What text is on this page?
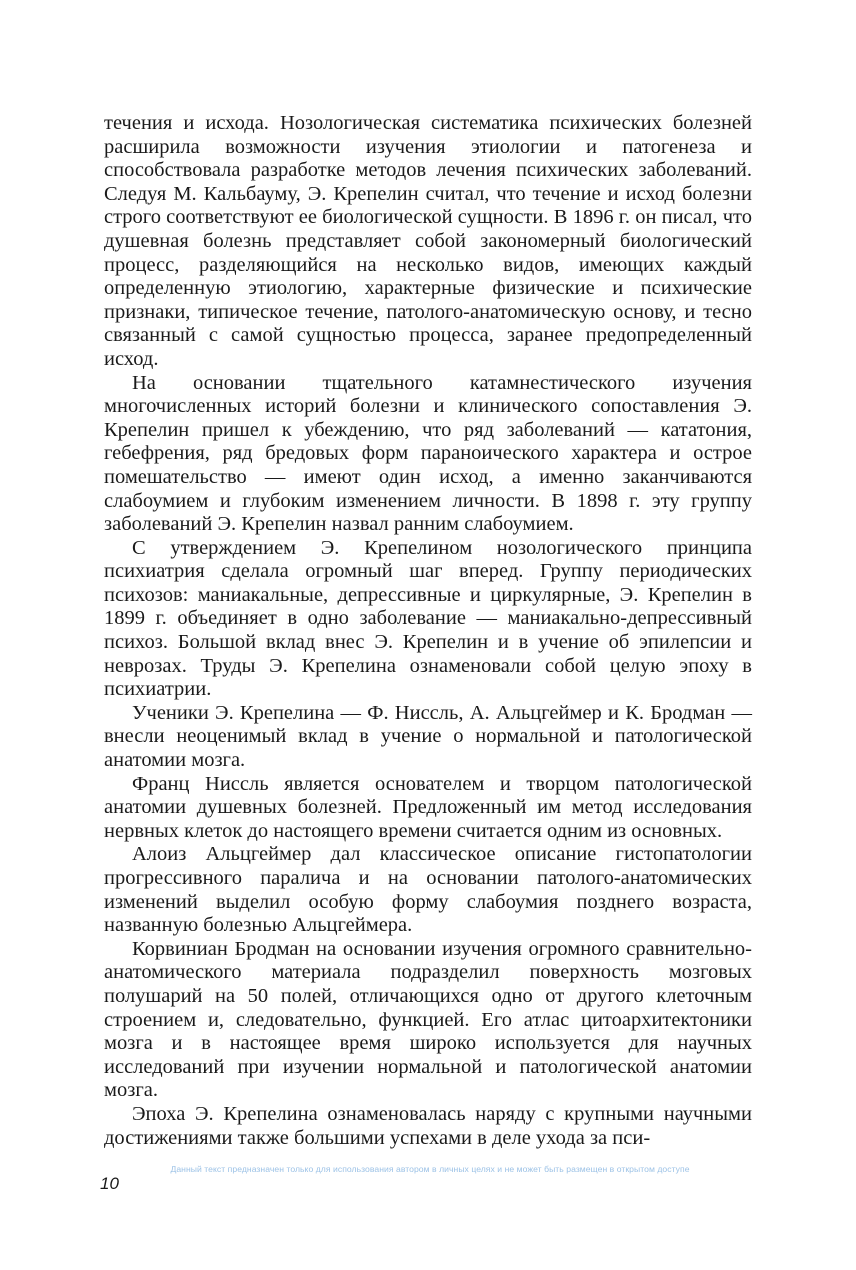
течения и исхода. Нозологическая систематика психических болезней расширила возможности изучения этиологии и патогенеза и способствовала разработке методов лечения психических заболеваний. Следуя М. Кальбауму, Э. Крепелин считал, что течение и исход болезни строго соответствуют ее биологической сущности. В 1896 г. он писал, что душевная болезнь представляет собой закономерный биологический процесс, разделяющийся на несколько видов, имеющих каждый определенную этиологию, характерные физические и психические признаки, типическое течение, патолого-анатомическую основу, и тесно связанный с самой сущностью процесса, заранее предопределенный исход.

На основании тщательного катамнестического изучения многочисленных историй болезни и клинического сопоставления Э. Крепелин пришел к убеждению, что ряд заболеваний — кататония, гебефрения, ряд бредовых форм параноического характера и острое помешательство — имеют один исход, а именно заканчиваются слабоумием и глубоким изменением личности. В 1898 г. эту группу заболеваний Э. Крепелин назвал ранним слабоумием.

С утверждением Э. Крепелином нозологического принципа психиатрия сделала огромный шаг вперед. Группу периодических психозов: маниакальные, депрессивные и циркулярные, Э. Крепелин в 1899 г. объединяет в одно заболевание — маниакально-депрессивный психоз. Большой вклад внес Э. Крепелин и в учение об эпилепсии и неврозах. Труды Э. Крепелина ознаменовали собой целую эпоху в психиатрии.

Ученики Э. Крепелина — Ф. Ниссль, А. Альцгеймер и К. Бродман — внесли неоценимый вклад в учение о нормальной и патологической анатомии мозга.

Франц Ниссль является основателем и творцом патологической анатомии душевных болезней. Предложенный им метод исследования нервных клеток до настоящего времени считается одним из основных.

Алоиз Альцгеймер дал классическое описание гистопатологии прогрессивного паралича и на основании патолого-анатомических изменений выделил особую форму слабоумия позднего возраста, названную болезнью Альцгеймера.

Корвиниан Бродман на основании изучения огромного сравнительно-анатомического материала подразделил поверхность мозговых полушарий на 50 полей, отличающихся одно от другого клеточным строением и, следовательно, функцией. Его атлас цитоархитектоники мозга и в настоящее время широко используется для научных исследований при изучении нормальной и патологической анатомии мозга.

Эпоха Э. Крепелина ознаменовалась наряду с крупными научными достижениями также большими успехами в деле ухода за пси-

Данный текст предназначен только для использования автором в личных целях и не может быть размещен в открытом доступе
10
